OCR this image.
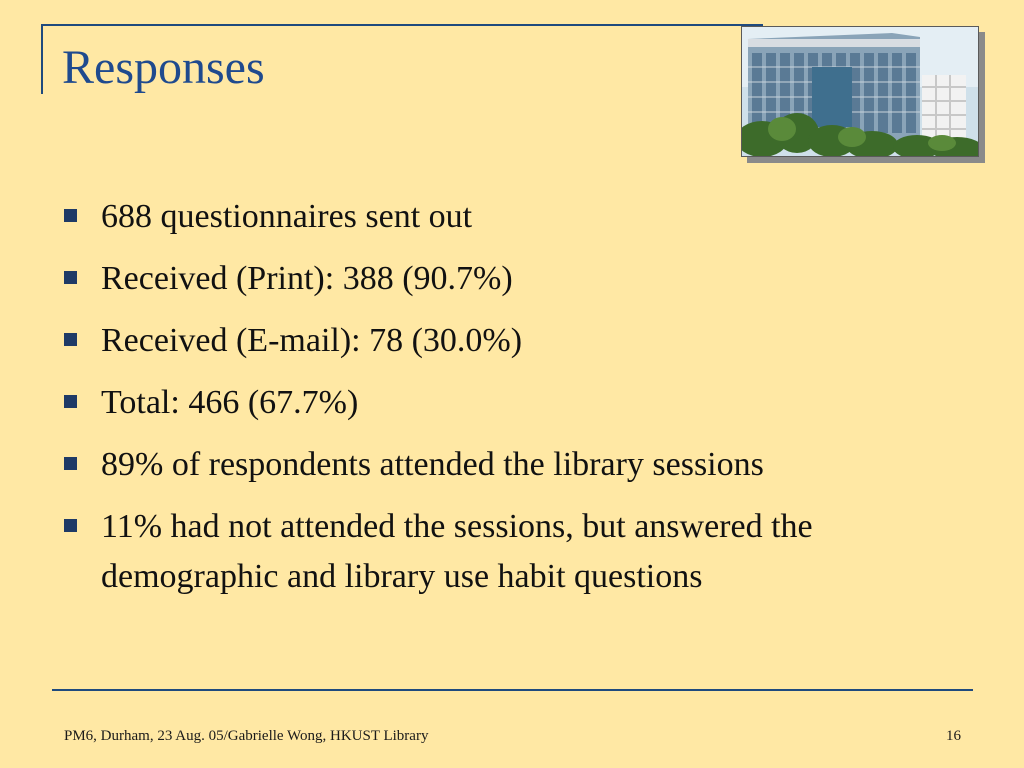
Responses
688 questionnaires sent out
Received (Print): 388 (90.7%)
Received (E-mail): 78 (30.0%)
Total: 466 (67.7%)
89% of respondents attended the library sessions
11% had not attended the sessions, but answered the demographic and library use habit questions
PM6, Durham, 23 Aug. 05/Gabrielle Wong, HKUST Library	16
